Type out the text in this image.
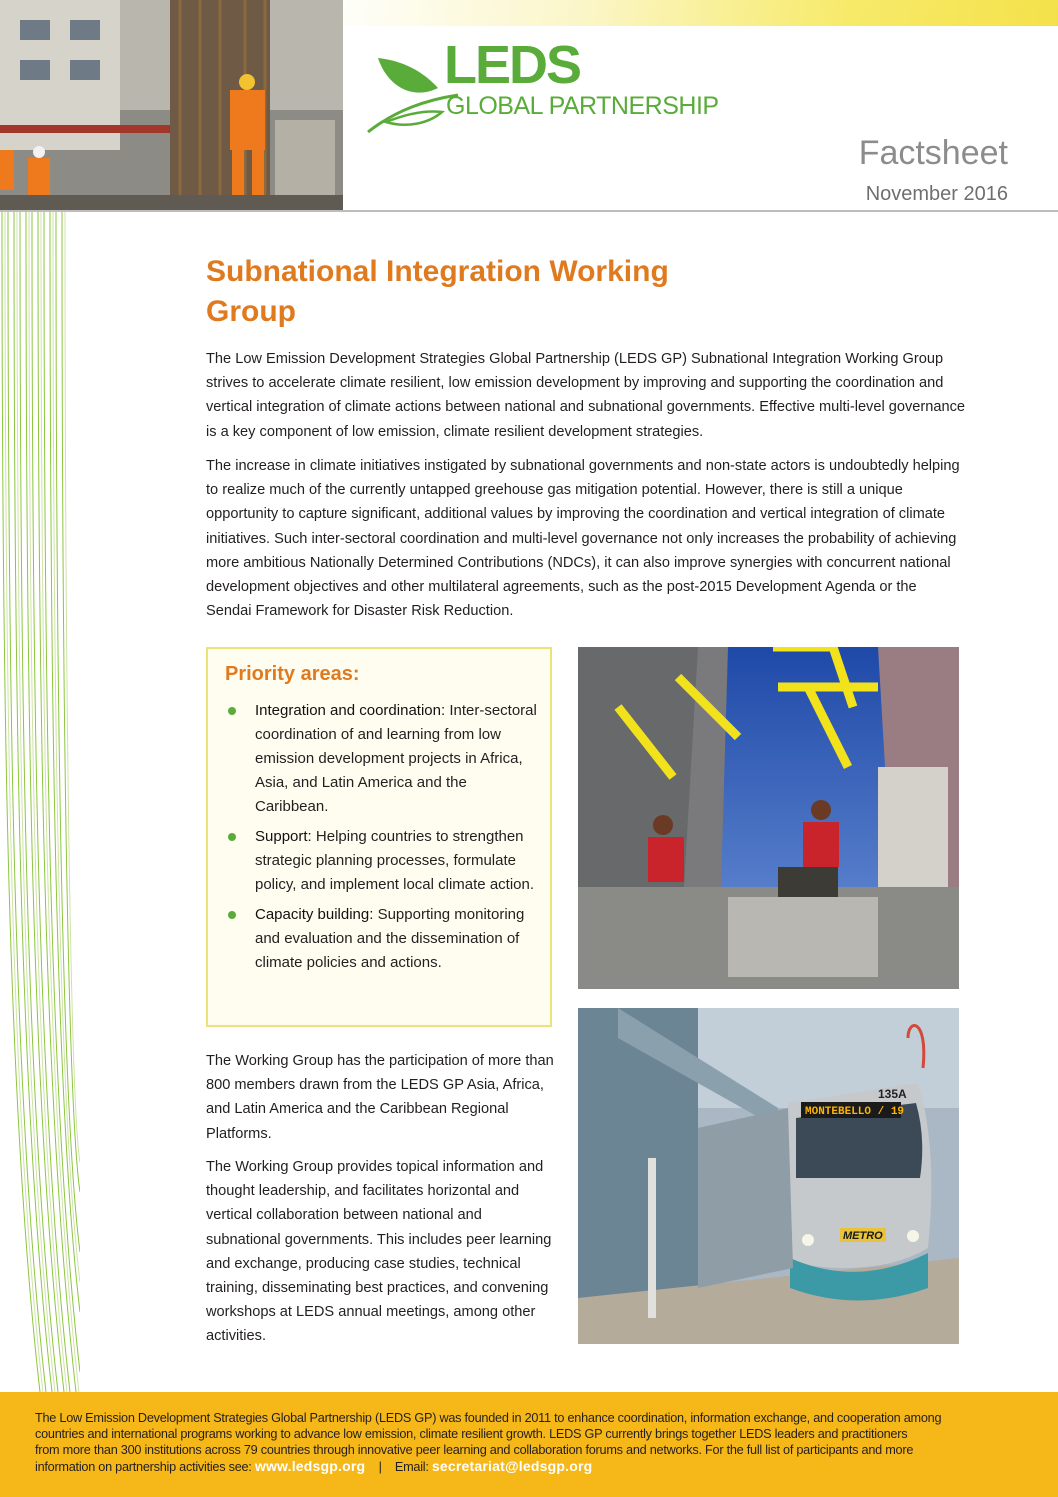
LEDS
GLOBAL PARTNERSHIP
Factsheet
November 2016
Subnational Integration Working
Group

The Low Emission Development Strategies Global Partnership (LEDS GP) Subnational Integration Working Group strives to accelerate climate resilient, low emission development by improving and supporting the coordination and vertical integration of climate actions between national and subnational governments. Effective multi-level governance is a key component of low emission, climate resilient development strategies.

The increase in climate initiatives instigated by subnational governments and non-state actors is undoubtedly helping to realize much of the currently untapped greehouse gas mitigation potential. However, there is still a unique opportunity to capture significant, additional values by improving the coordination and vertical integration of climate initiatives. Such inter-sectoral coordination and multi-level governance not only increases the probability of achieving more ambitious Nationally Determined Contributions (NDCs), it can also improve synergies with concurrent national development objectives and other multilateral agreements, such as the post-2015 Development Agenda or the Sendai Framework for Disaster Risk Reduction.

Priority areas:
Integration and coordination: Inter-sectoral coordination of and learning from low emission development projects in Africa, Asia, and Latin America and the Caribbean.
Support: Helping countries to strengthen strategic planning processes, formulate policy, and implement local climate action.
Capacity building: Supporting monitoring and evaluation and the dissemination of climate policies and actions.

The Working Group has the participation of more than 800 members drawn from the LEDS GP Asia, Africa, and Latin America and the Caribbean Regional Platforms.

The Working Group provides topical information and thought leadership, and facilitates horizontal and vertical collaboration between national and subnational governments. This includes peer learning and exchange, producing case studies, technical training, disseminating best practices, and convening workshops at LEDS annual meetings, among other activities.

MONTEBELLO / 19
135A
METRO

The Low Emission Development Strategies Global Partnership (LEDS GP) was founded in 2011 to enhance coordination, information exchange, and cooperation among
countries and international programs working to advance low emission, climate resilient growth. LEDS GP currently brings together LEDS leaders and practitioners
from more than 300 institutions across 79 countries through innovative peer learning and collaboration forums and networks. For the full list of participants and more
information on partnership activities see: www.ledsgp.org | Email: secretariat@ledsgp.org
